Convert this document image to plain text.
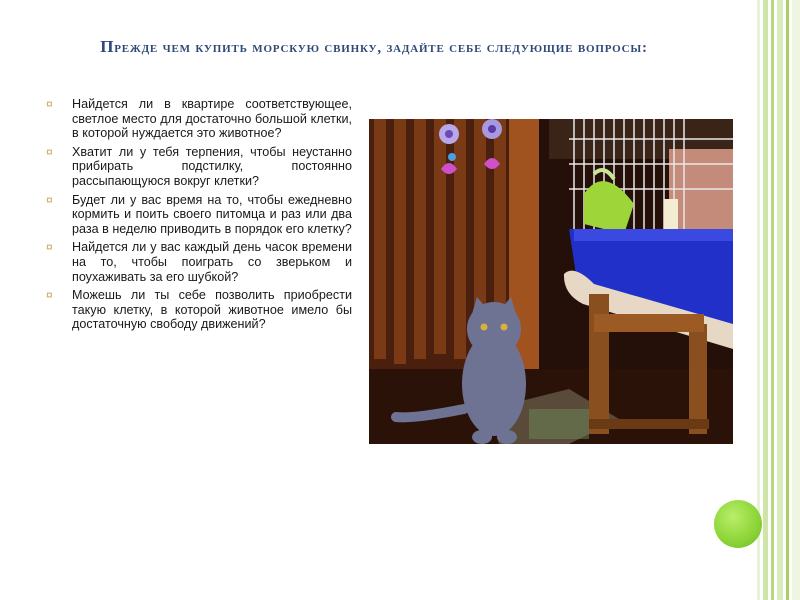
Прежде чем купить морскую свинку, задайте себе следующие вопросы:
¤ Найдется ли в квартире соответствующее, светлое место для достаточно большой клетки, в которой нуждается это животное?
¤ Хватит ли у тебя терпения, чтобы неустанно прибирать подстилку, постоянно рассыпающуюся вокруг клетки?
¤ Будет ли у вас время на то, чтобы ежедневно кормить и поить своего питомца и раз или два раза в неделю приводить в порядок его клетку?
¤ Найдется ли у вас каждый день часок времени на то, чтобы поиграть со зверьком и поухаживать за его шубкой?
¤ Можешь ли ты себе позволить приобрести такую клетку, в которой животное имело бы достаточную свободу движений?
